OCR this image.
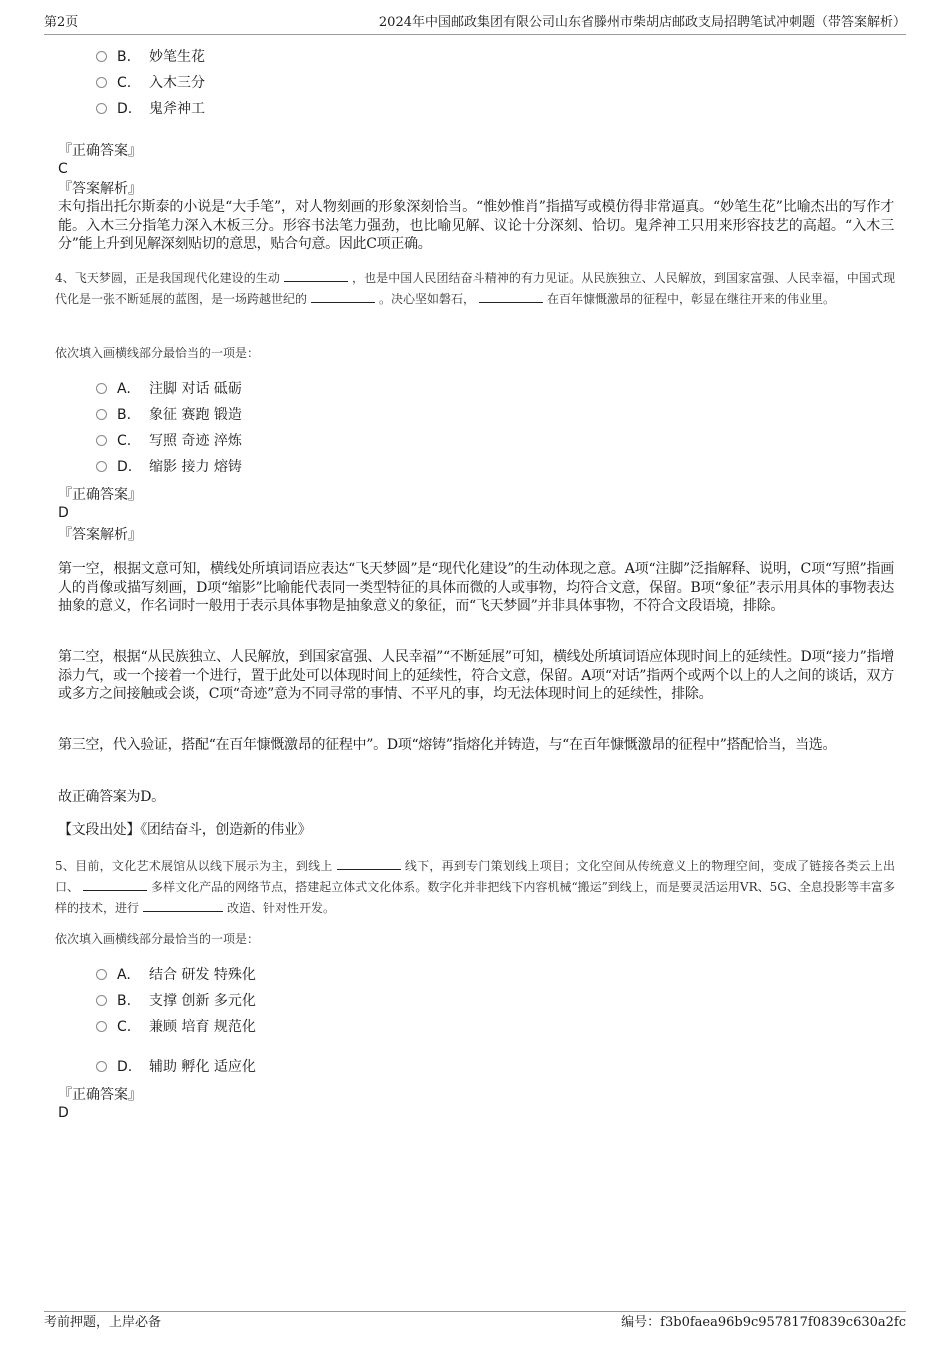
第2页	2024年中国邮政集团有限公司山东省滕州市柴胡店邮政支局招聘笔试冲刺题（带答案解析）
B. 妙笔生花
C. 入木三分
D. 鬼斧神工
『正确答案』
C
『答案解析』
末句指出托尔斯泰的小说是“大手笔”，对人物刻画的形象深刻恰当。“惟妙惟肖”指描写或模仿得非常逼真。“妙笔生花”比喻杰出的写作才能。入木三分指笔力深入木板三分。形容书法笔力强劲，也比喻见解、议论十分深刻、恰切。鬼斧神工只用来形容技艺的高超。“入木三分”能上升到见解深刻贴切的意思，贴合句意。因此C项正确。
4、飞天梦圆，正是我国现代化建设的生动	，也是中国人民团结奋斗精神的有力见证。从民族独立、人民解放，到国家富强、人民幸福，中国式现代化是一张不断延展的蓝图，是一场跨越世纪的	。决心坚如磐石，	在百年慷慨激昂的征程中，彰显在继往开来的伟业里。
依次填入画横线部分最恰当的一项是：
A. 注脚 对话 砥砺
B. 象征 赛跑 锻造
C. 写照 奇迹 淬炼
D. 缩影 接力 熔铸
『正确答案』
D
『答案解析』
第一空，根据文意可知，横线处所填词语应表达“飞天梦圆”是“现代化建设”的生动体现之意。A项“注脚”泛指解释、说明，C项“写照”指画人的肖像或描写刻画，D项“缩影”比喻能代表同一类型特征的具体而微的人或事物，均符合文意，保留。B项“象征”表示用具体的事物表达抽象的意义，作名词时一般用于表示具体事物是抽象意义的象征，而“飞天梦圆”并非具体事物，不符合文段语境，排除。
第二空，根据“从民族独立、人民解放，到国家富强、人民幸福”“不断延展”可知，横线处所填词语应体现时间上的延续性。D项“接力”指增添力气，或一个接着一个进行，置于此处可以体现时间上的延续性，符合文意，保留。A项“对话”指两个或两个以上的人之间的谈话，双方或多方之间接触或会谈，C项“奇迹”意为不同寻常的事情、不平凡的事，均无法体现时间上的延续性，排除。
第三空，代入验证，搭配“在百年慷慨激昂的征程中”。D项“熔铸”指熔化并铸造，与“在百年慷慨激昂的征程中”搭配恰当，当选。
故正确答案为D。
【文段出处】《团结奋斗，创造新的伟业》
5、目前，文化艺术展馆从以线下展示为主，到线上	线下，再到专门策划线上项目；文化空间从传统意义上的物理空间，变成了链接各类云上出口、	多样文化产品的网络节点，搭建起立体式文化体系。数字化并非把线下内容机械“搬运”到线上，而是要灵活运用VR、5G、全息投影等丰富多样的技术，进行	改造、针对性开发。
依次填入画横线部分最恰当的一项是：
A. 结合 研发 特殊化
B. 支撑 创新 多元化
C. 兼顾 培育 规范化
D. 辅助 孵化 适应化
『正确答案』
D
考前押题，上岸必备	编号：f3b0faea96b9c957817f0839c630a2fc
